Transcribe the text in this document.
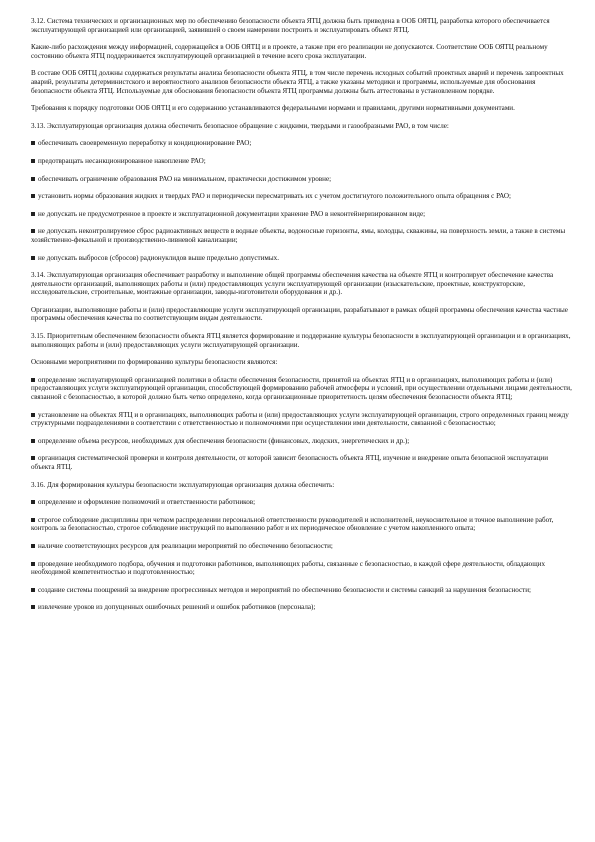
3.12. Система технических и организационных мер по обеспечению безопасности объекта ЯТЦ должна быть приведена в ООБ ОЯТЦ, разработка которого обеспечивается эксплуатирующей организацией или организацией, заявившей о своем намерении построить и эксплуатировать объект ЯТЦ.

Какие-либо расхождения между информацией, содержащейся в ООБ ОЯТЦ и в проекте, а также при его реализации не допускаются. Соответствие ООБ ОЯТЦ реальному состоянию объекта ЯТЦ поддерживается эксплуатирующей организацией в течение всего срока эксплуатации.

В составе ООБ ОЯТЦ должны содержаться результаты анализа безопасности объекта ЯТЦ, в том числе перечень исходных событий проектных аварий и перечень запроектных аварий, результаты детерминистского и вероятностного анализов безопасности объекта ЯТЦ, а также указаны методики и программы, используемые для обоснования безопасности объекта ЯТЦ. Используемые для обоснования безопасности объекта ЯТЦ программы должны быть аттестованы в установленном порядке.

Требования к порядку подготовки ООБ ОЯТЦ и его содержанию устанавливаются федеральными нормами и правилами, другими нормативными документами.

3.13. Эксплуатирующая организация должна обеспечить безопасное обращение с жидкими, твердыми и газообразными РАО, в том числе:

обеспечивать своевременную переработку и кондиционирование РАО;

предотвращать несанкционированное накопление РАО;

обеспечивать ограничение образования РАО на минимальном, практически достижимом уровне;

установить нормы образования жидких и твердых РАО и периодически пересматривать их с учетом достигнутого положительного опыта обращения с РАО;

не допускать не предусмотренное в проекте и эксплуатационной документации хранение РАО в неконтейнеризированном виде;

не допускать неконтролируемое сброс радиоактивных веществ в водные объекты, водоносные горизонты, ямы, колодцы, скважины, на поверхность земли, а также в системы хозяйственно-фекальной и производственно-ливневой канализации;

не допускать выбросов (сбросов) радионуклидов выше предельно допустимых.

3.14. Эксплуатирующая организация обеспечивает разработку и выполнение общей программы обеспечения качества на объекте ЯТЦ и контролирует обеспечение качества деятельности организаций, выполняющих работы и (или) предоставляющих услуги эксплуатирующей организации (изыскательские, проектные, конструкторские, исследовательские, строительные, монтажные организации, заводы-изготовители оборудования и др.).

Организации, выполняющие работы и (или) предоставляющие услуги эксплуатирующей организации, разрабатывают в рамках общей программы обеспечения качества частные программы обеспечения качества по соответствующим видам деятельности.

3.15. Приоритетным обеспечением безопасности объекта ЯТЦ является формирование и поддержание культуры безопасности в эксплуатирующей организации и в организациях, выполняющих работы и (или) предоставляющих услуги эксплуатирующей организации.

Основными мероприятиями по формированию культуры безопасности являются:

определение эксплуатирующей организацией политики в области обеспечения безопасности, принятой на объектах ЯТЦ и в организациях, выполняющих работы и (или) предоставляющих услуги эксплуатирующей организации, способствующей формированию рабочей атмосферы и условий, при осуществлении отдельными лицами деятельности, связанной с безопасностью, в которой должно быть четко определено, когда организационные приоритетность целям обеспечения безопасности объекта ЯТЦ;

установление на объектах ЯТЦ и в организациях, выполняющих работы и (или) предоставляющих услуги эксплуатирующей организации, строго определенных границ между структурными подразделениями в соответствии с ответственностью и полномочиями при осуществлении ими деятельности, связанной с безопасностью;

определение объема ресурсов, необходимых для обеспечения безопасности (финансовых, людских, энергетических и др.);

организация систематической проверки и контроля деятельности, от которой зависит безопасность объекта ЯТЦ, изучение и внедрение опыта безопасной эксплуатации объекта ЯТЦ.

3.16. Для формирования культуры безопасности эксплуатирующая организация должна обеспечить:

определение и оформление полномочий и ответственности работников;

строгое соблюдение дисциплины при четком распределении персональной ответственности руководителей и исполнителей, неукоснительное и точное выполнение работ, контроль за безопасностью, строгое соблюдение инструкций по выполнению работ и их периодическое обновление с учетом накопленного опыта;

наличие соответствующих ресурсов для реализации мероприятий по обеспечению безопасности;

проведение необходимого подбора, обучения и подготовки работников, выполняющих работы, связанные с безопасностью, в каждой сфере деятельности, обладающих необходимой компетентностью и подготовленностью;

создание системы поощрений за внедрение прогрессивных методов и мероприятий по обеспечению безопасности и системы санкций за нарушения безопасности;

извлечение уроков из допущенных ошибочных решений и ошибок работников (персонала);
